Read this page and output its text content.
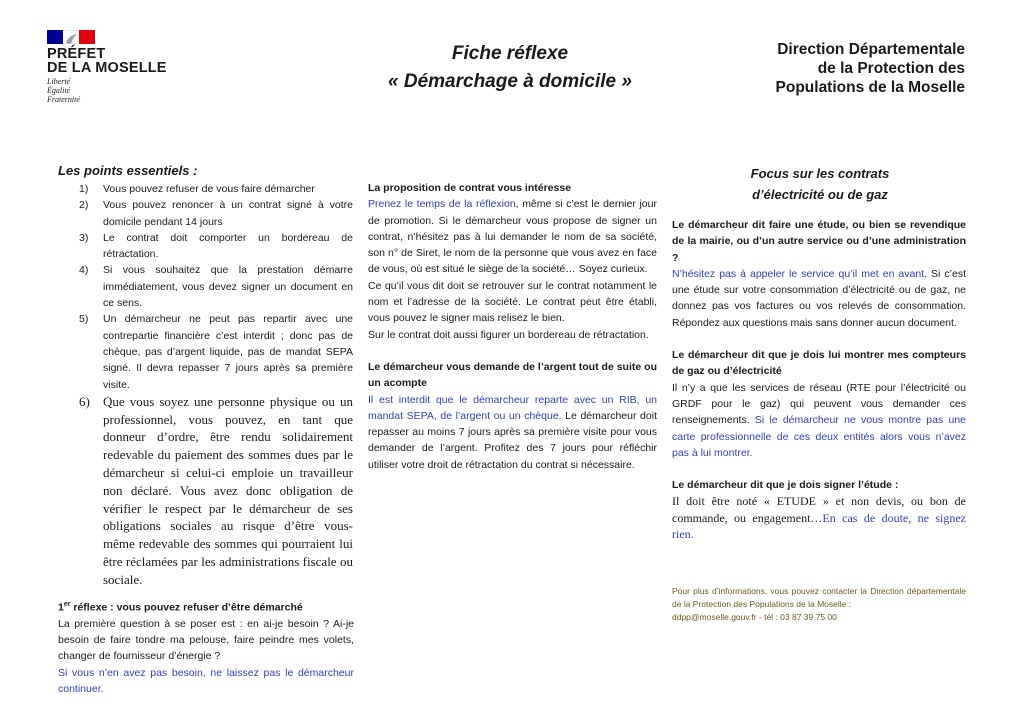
PRÉFET
DE LA MOSELLE
Liberté
Égalité
Fraternité
Fiche réflexe
« Démarchage à domicile »
Direction Départementale
de la Protection des
Populations de la Moselle
Les points essentiels :
1)	Vous pouvez refuser de vous faire démarcher
2)	Vous pouvez renoncer à un contrat signé à votre domicile pendant 14 jours
3)	Le contrat doit comporter un bordereau de rétractation.
4)	Si vous souhaitez que la prestation démarre immédiatement, vous devez signer un document en ce sens.
5)	Un démarcheur ne peut pas repartir avec une contrepartie financière c’est interdit ; donc pas de chèque, pas d’argent liquide, pas de mandat SEPA signé. Il devra repasser 7 jours après sa première visite.
6)	Que vous soyez une personne physique ou un professionnel, vous pouvez, en tant que donneur d’ordre, être rendu solidairement redevable du paiement des sommes dues par le démarcheur si celui-ci emploie un travailleur non déclaré. Vous avez donc obligation de vérifier le respect par le démarcheur de ses obligations sociales au risque d’être vous-même redevable des sommes qui pourraient lui être réclamées par les administrations fiscale ou sociale.

1er réflexe : vous pouvez refuser d’être démarché

La première question à se poser est : en ai-je besoin ? Ai-je besoin de faire tondre ma pelouse, faire peindre mes volets, changer de fournisseur d’énergie ?

Si vous n’en avez pas besoin, ne laissez pas le démarcheur continuer.

La proposition de contrat vous intéresse

Prenez le temps de la réflexion, même si c’est le dernier jour de promotion. Si le démarcheur vous propose de signer un contrat, n’hésitez pas à lui demander le nom de sa société, son n° de Siret, le nom de la personne que vous avez en face de vous, où est situé le siège de la société… Soyez curieux.

Ce qu’il vous dit doit se retrouver sur le contrat notamment le nom et l’adresse de la société. Le contrat peut être établi, vous pouvez le signer mais relisez le bien.

Sur le contrat doit aussi figurer un bordereau de rétractation.

Le démarcheur vous demande de l’argent tout de suite ou un acompte

Il est interdit que le démarcheur reparte avec un RIB, un mandat SEPA, de l’argent ou un chèque. Le démarcheur doit repasser au moins 7 jours après sa première visite pour vous demander de l’argent. Profitez des 7 jours pour réfléchir utiliser votre droit de rétractation du contrat si nécessaire.

Focus sur les contrats
d’électricité ou de gaz

Le démarcheur dit faire une étude, ou bien se revendique de la mairie, ou d’un autre service ou d’une administration ?

N’hésitez pas à appeler le service qu’il met en avant. Si c’est une étude sur votre consommation d’électricité ou de gaz, ne donnez pas vos factures ou vos relevés de consommation. Répondez aux questions mais sans donner aucun document.

Le démarcheur dit que je dois lui montrer mes compteurs de gaz ou d’électricité

Il n’y a que les services de réseau (RTE pour l’électricité ou GRDF pour le gaz) qui peuvent vous demander ces renseignements. Si le démarcheur ne vous montre pas une carte professionnelle de ces deux entités alors vous n’avez pas à lui montrer.

Le démarcheur dit que je dois signer l’étude :

Il doit être noté « ETUDE » et non devis, ou bon de commande, ou engagement…En cas de doute, ne signez rien.

Pour plus d’informations, vous pouvez contacter la Direction départementale de la Protection des Populations de la Moselle :
ddpp@moselle.gouv.fr - tél : 03 87 39 75 00
